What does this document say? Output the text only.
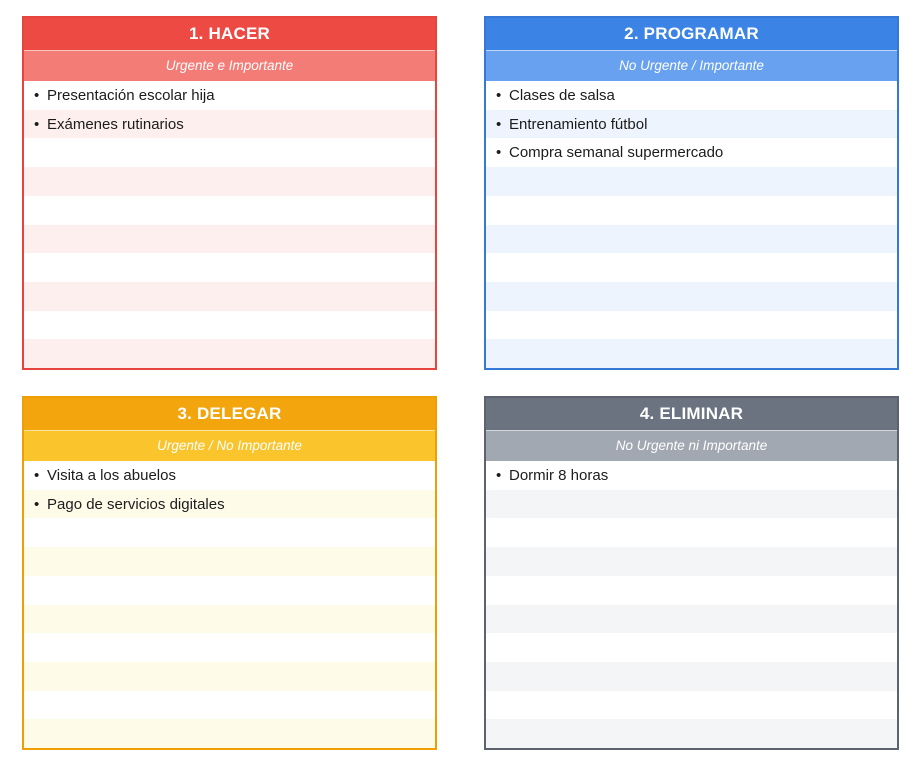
1. HACER
Urgente e Importante
• Presentación escolar hija
• Exámenes rutinarios
2. PROGRAMAR
No Urgente / Importante
• Clases de salsa
• Entrenamiento fútbol
• Compra semanal supermercado
3. DELEGAR
Urgente / No Importante
• Visita a los abuelos
• Pago de servicios digitales
4. ELIMINAR
No Urgente ni Importante
• Dormir 8 horas
